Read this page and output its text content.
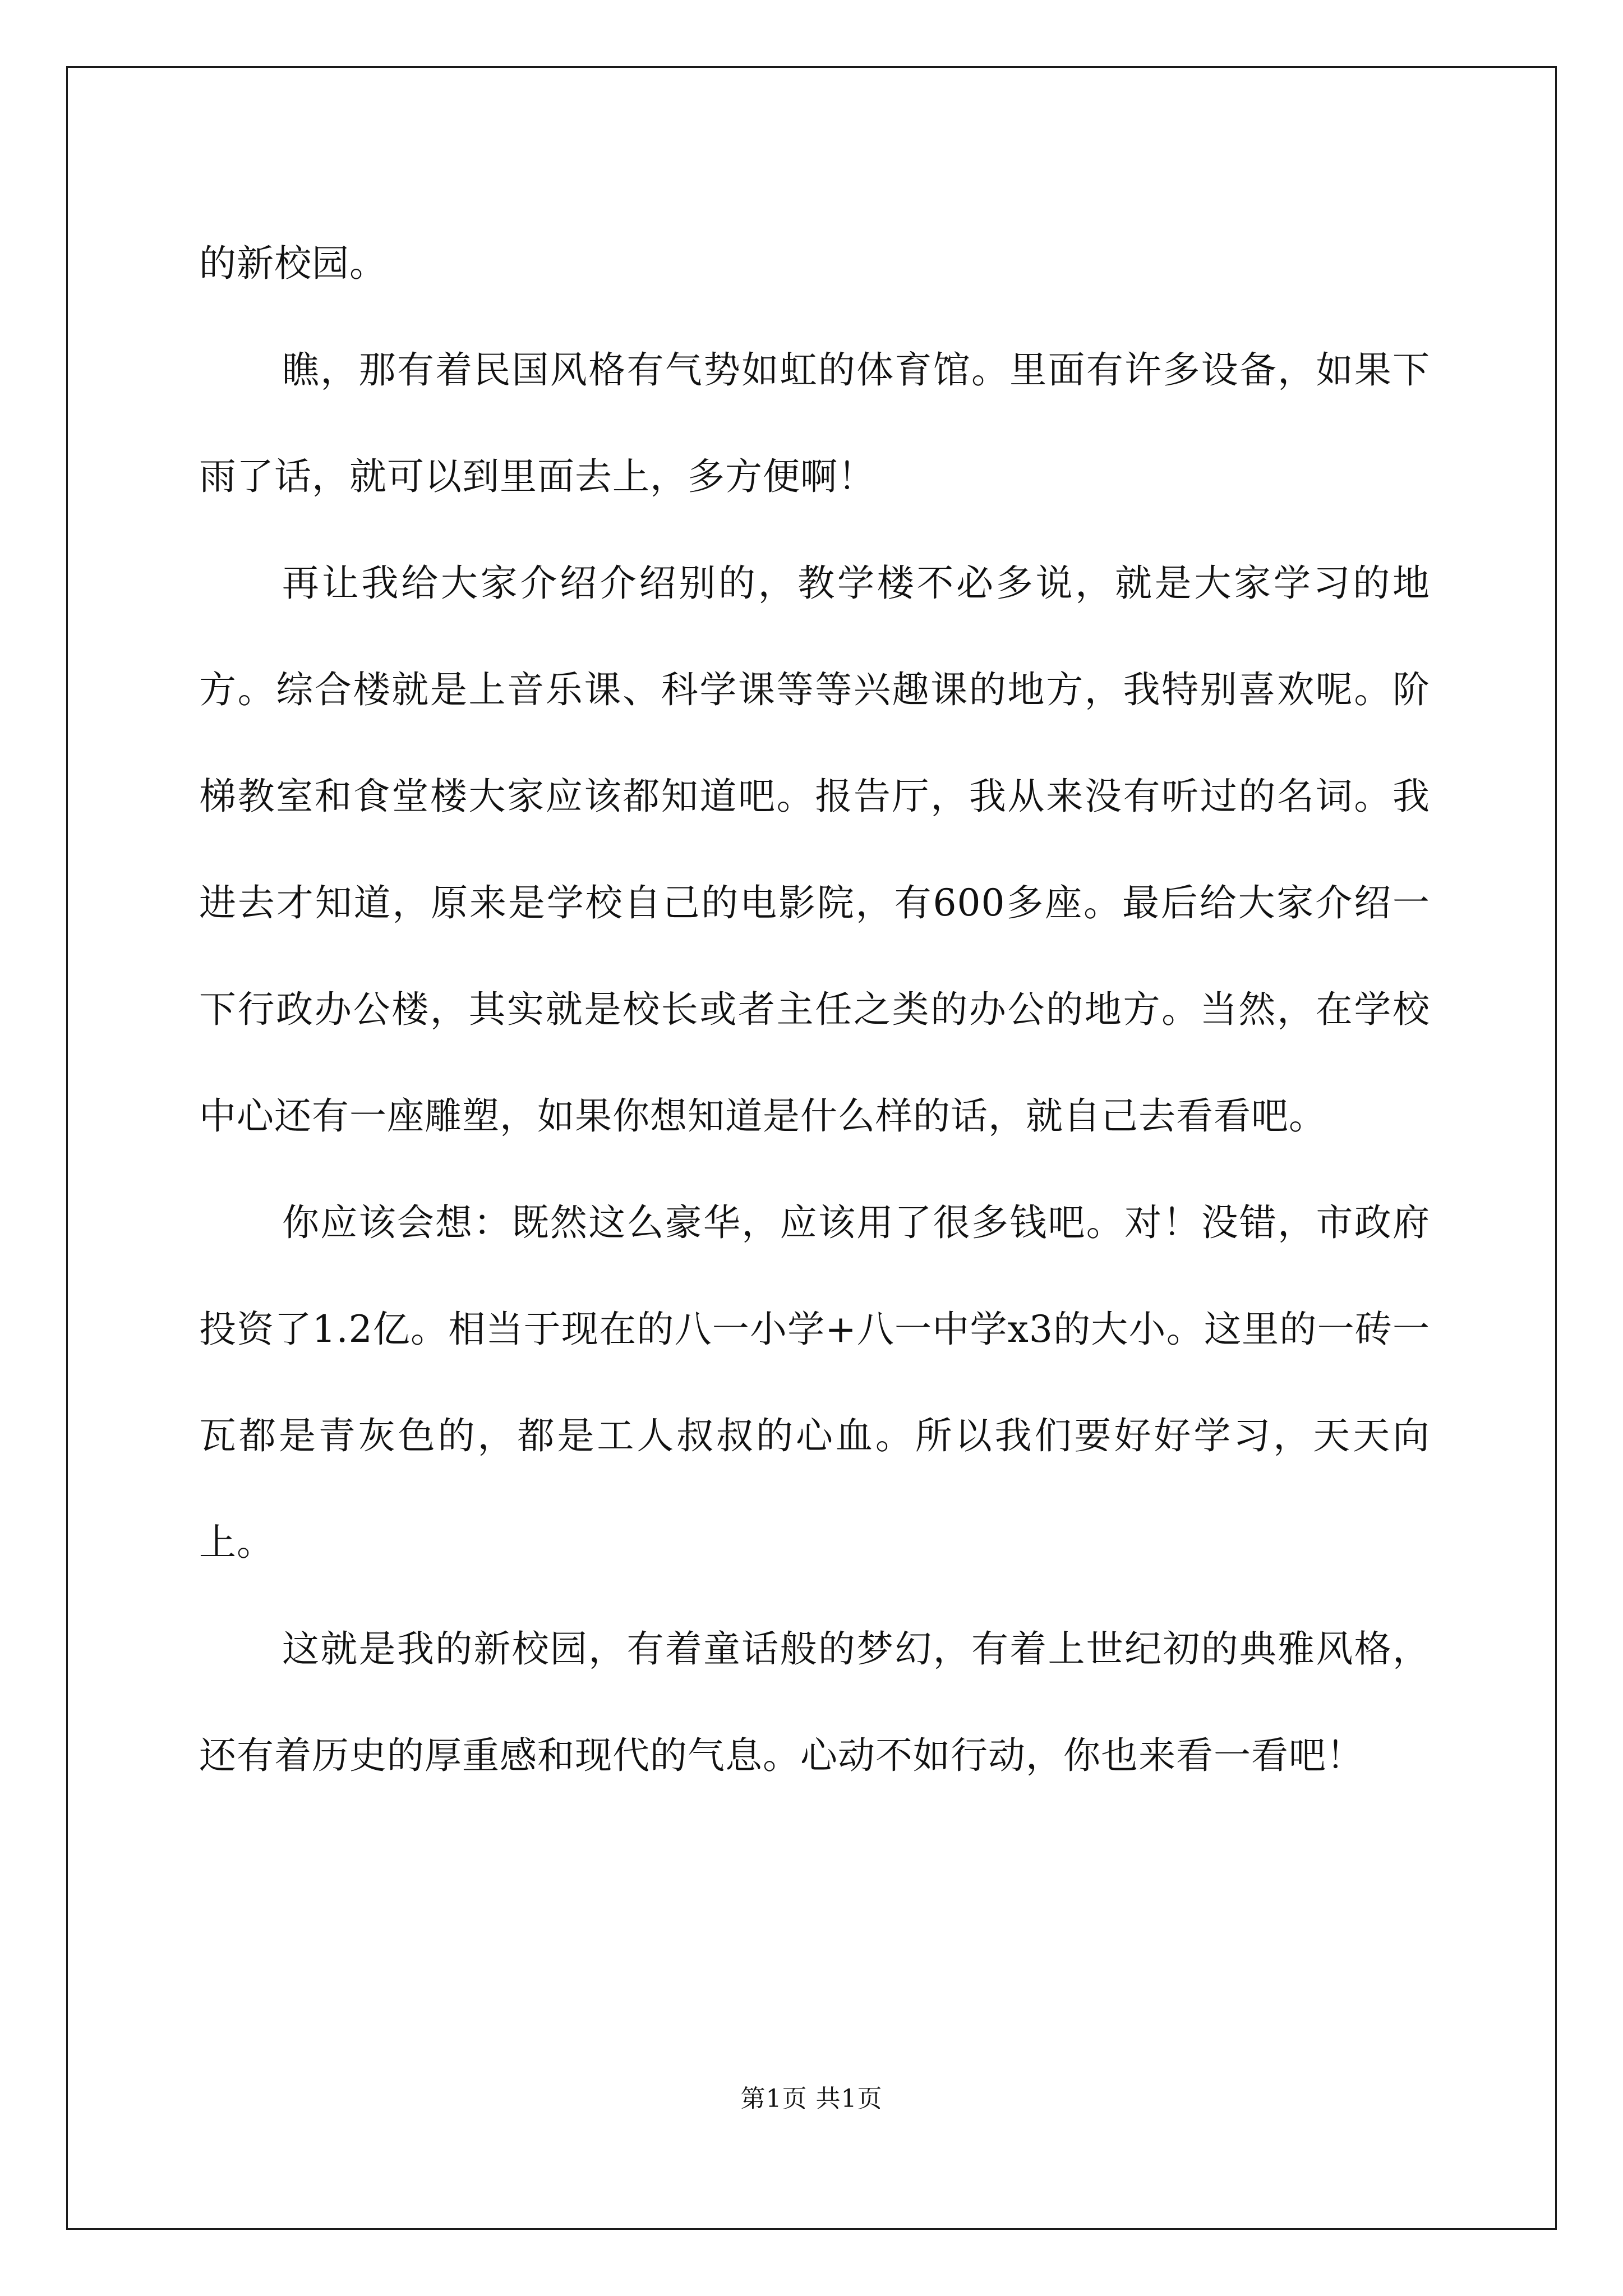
的新校园。

瞧，那有着民国风格有气势如虹的体育馆。里面有许多设备，如果下雨了话，就可以到里面去上，多方便啊！

再让我给大家介绍介绍别的，教学楼不必多说，就是大家学习的地方。综合楼就是上音乐课、科学课等等兴趣课的地方，我特别喜欢呢。阶梯教室和食堂楼大家应该都知道吧。报告厅，我从来没有听过的名词。我进去才知道，原来是学校自己的电影院，有600多座。最后给大家介绍一下行政办公楼，其实就是校长或者主任之类的办公的地方。当然，在学校中心还有一座雕塑，如果你想知道是什么样的话，就自己去看看吧。

你应该会想：既然这么豪华，应该用了很多钱吧。对！没错，市政府投资了1.2亿。相当于现在的八一小学+八一中学x3的大小。这里的一砖一瓦都是青灰色的，都是工人叔叔的心血。所以我们要好好学习，天天向上。

这就是我的新校园，有着童话般的梦幻，有着上世纪初的典雅风格，还有着历史的厚重感和现代的气息。心动不如行动，你也来看一看吧！

第1页 共1页
